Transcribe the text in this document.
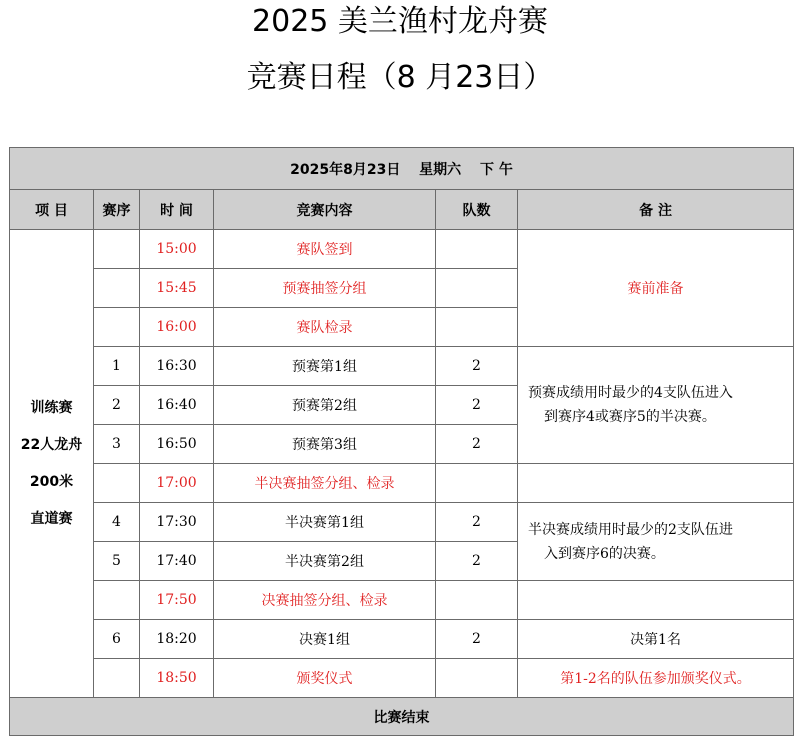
2025 美兰渔村龙舟赛
竞赛日程（8 月23日）
2025年8月23日　 星期六　 下 午					
项 目	赛序	时 间	竞赛内容	队数	备 注

训练赛
22人龙舟
200米
直道赛		15:00	赛队签到		赛前准备
		15:45	预赛抽签分组		
		16:00	赛队检录		
	1	16:30	预赛第1组	2	预赛成绩用时最少的4支队伍进入
到赛序4或赛序5的半决赛。

	2	16:40	预赛第2组	2	
	3	16:50	预赛第3组	2	
		17:00	半决赛抽签分组、检录		
	4	17:30	半决赛第1组	2	半决赛成绩用时最少的2支队伍进
入到赛序6的决赛。

	5	17:40	半决赛第2组	2	
		17:50	决赛抽签分组、检录		
	6	18:20	决赛1组	2	决第1名
		18:50	颁奖仪式		第1-2名的队伍参加颁奖仪式。
比赛结束					
